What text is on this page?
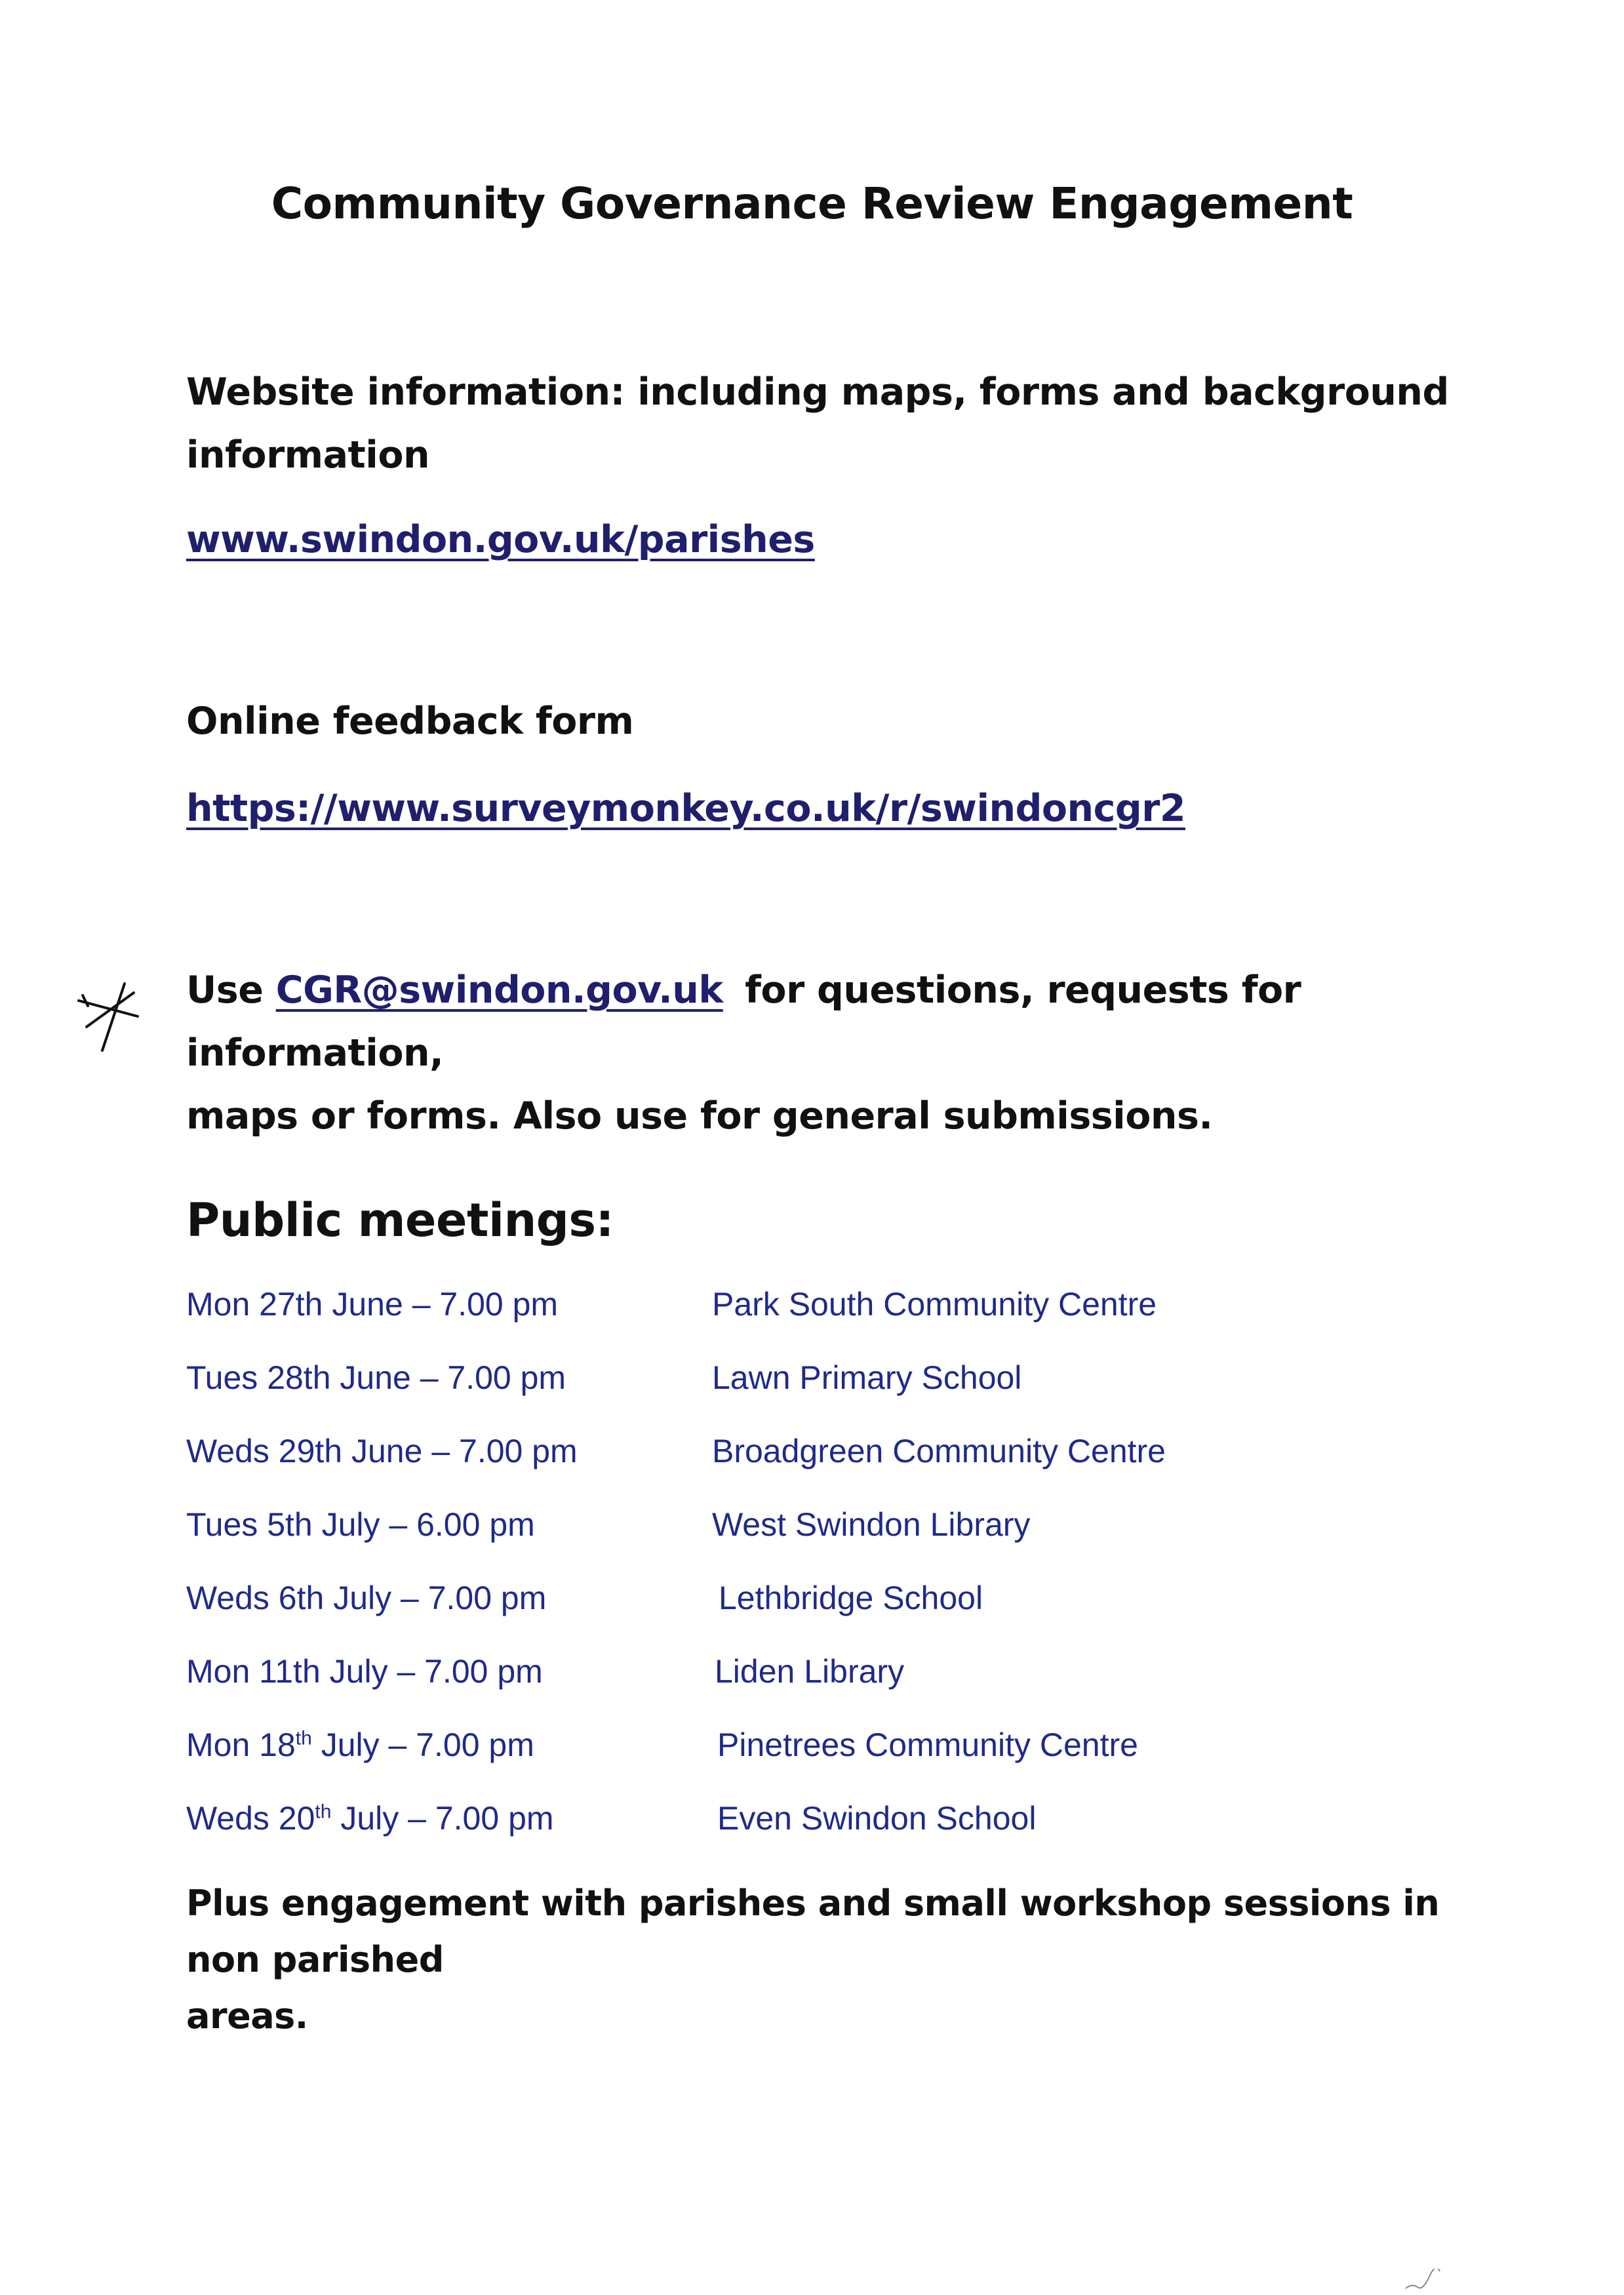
Community Governance Review Engagement
Website information: including maps, forms and background
information
www.swindon.gov.uk/parishes
Online feedback form
https://www.surveymonkey.co.uk/r/swindoncgr2
Use CGR@swindon.gov.uk for questions, requests for information,
maps or forms. Also use for general submissions.
Public meetings:
Mon 27th June – 7.00 pm	Park South Community Centre
Tues 28th June – 7.00 pm	Lawn Primary School
Weds 29th June – 7.00 pm	Broadgreen Community Centre
Tues 5th July – 6.00 pm	West Swindon Library
Weds 6th July – 7.00 pm	Lethbridge School
Mon 11th July – 7.00 pm	Liden Library
Mon 18th July – 7.00 pm	Pinetrees Community Centre
Weds 20th July – 7.00 pm	Even Swindon School
Plus engagement with parishes and small workshop sessions in non parished
areas.
